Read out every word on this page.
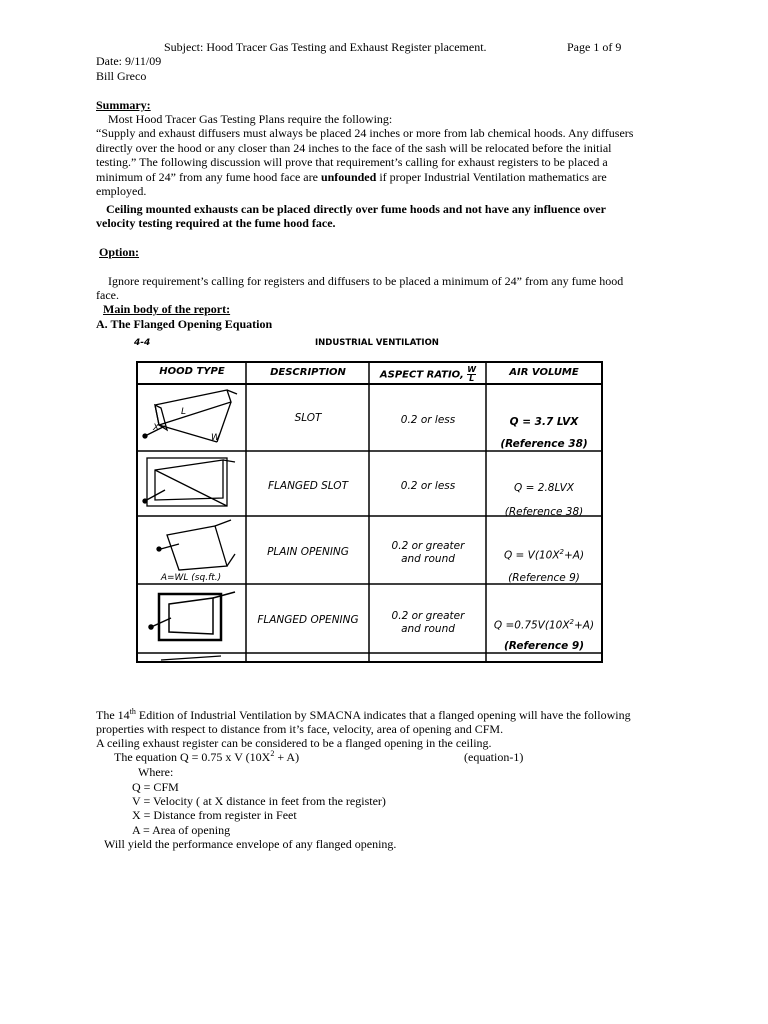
Subject: Hood Tracer Gas Testing and Exhaust Register placement.	Page 1 of 9
Date: 9/11/09
Bill Greco
Summary:
Most Hood Tracer Gas Testing Plans require the following:
“Supply and exhaust diffusers must always be placed 24 inches or more from lab chemical hoods. Any diffusers
directly over the hood or any closer than 24 inches to the face of the sash will be relocated before the initial
testing.” The following discussion will prove that requirement’s calling for exhaust registers to be placed a
minimum of 24” from any fume hood face are unfounded if proper Industrial Ventilation mathematics are
employed.
Ceiling mounted exhausts can be placed directly over fume hoods and not have any influence over
velocity testing required at the fume hood face.
Option:
Ignore requirement’s calling for registers and diffusers to be placed a minimum of 24” from any fume hood
face.
Main body of the report:
A. The Flanged Opening Equation
4-4	INDUSTRIAL VENTILATION
HOOD TYPE	DESCRIPTION	ASPECT RATIO, $\frac{W}{L}$	AIR VOLUME
L
W
X
SLOT	0.2 or less	Q = 3.7 LVX
(Reference 38)
FLANGED SLOT	0.2 or less	Q = 2.8LVX
(Reference 38)
PLAIN OPENING	0.2 or greater
and round	$Q = V(10X^2+A)$
(Reference 9)
A=WL (sq.ft.)
FLANGED OPENING	0.2 or greater
and round	$Q =0.75V(10X^2+A)$
(Reference 9)
The 14th Edition of Industrial Ventilation by SMACNA indicates that a flanged opening will have the following
properties with respect to distance from it’s face, velocity, area of opening and CFM.
A ceiling exhaust register can be considered to be a flanged opening in the ceiling.
The equation Q = 0.75 x V $(10X^2 + A)$	(equation-1)
Where:
Q = CFM
V = Velocity ( at X distance in feet from the register)
X = Distance from register in Feet
A = Area of opening
Will yield the performance envelope of any flanged opening.
